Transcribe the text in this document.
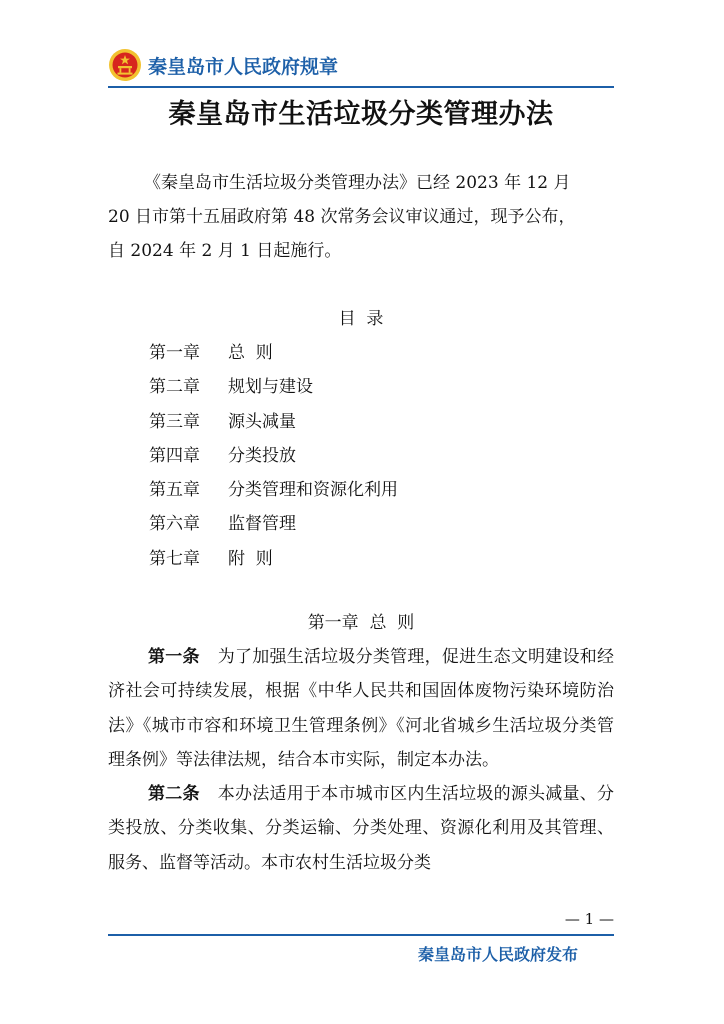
秦皇岛市人民政府规章
秦皇岛市生活垃圾分类管理办法
《秦皇岛市生活垃圾分类管理办法》已经 2023 年 12 月
20 日市第十五届政府第 48 次常务会议审议通过，现予公布，
自 2024 年 2 月 1 日起施行。
目  录
第一章 总  则
第二章 规划与建设
第三章 源头减量
第四章 分类投放
第五章 分类管理和资源化利用
第六章 监督管理
第七章 附  则
第一章  总  则

第一条 为了加强生活垃圾分类管理，促进生态文明建设和经济社会可持续发展，根据《中华人民共和国固体废物污染环境防治法》《城市市容和环境卫生管理条例》《河北省城乡生活垃圾分类管理条例》等法律法规，结合本市实际，制定本办法。

第二条 本办法适用于本市城市区内生活垃圾的源头减量、分类投放、分类收集、分类运输、分类处理、资源化利用及其管理、服务、监督等活动。本市农村生活垃圾分类

— 1 —
秦皇岛市人民政府发布
